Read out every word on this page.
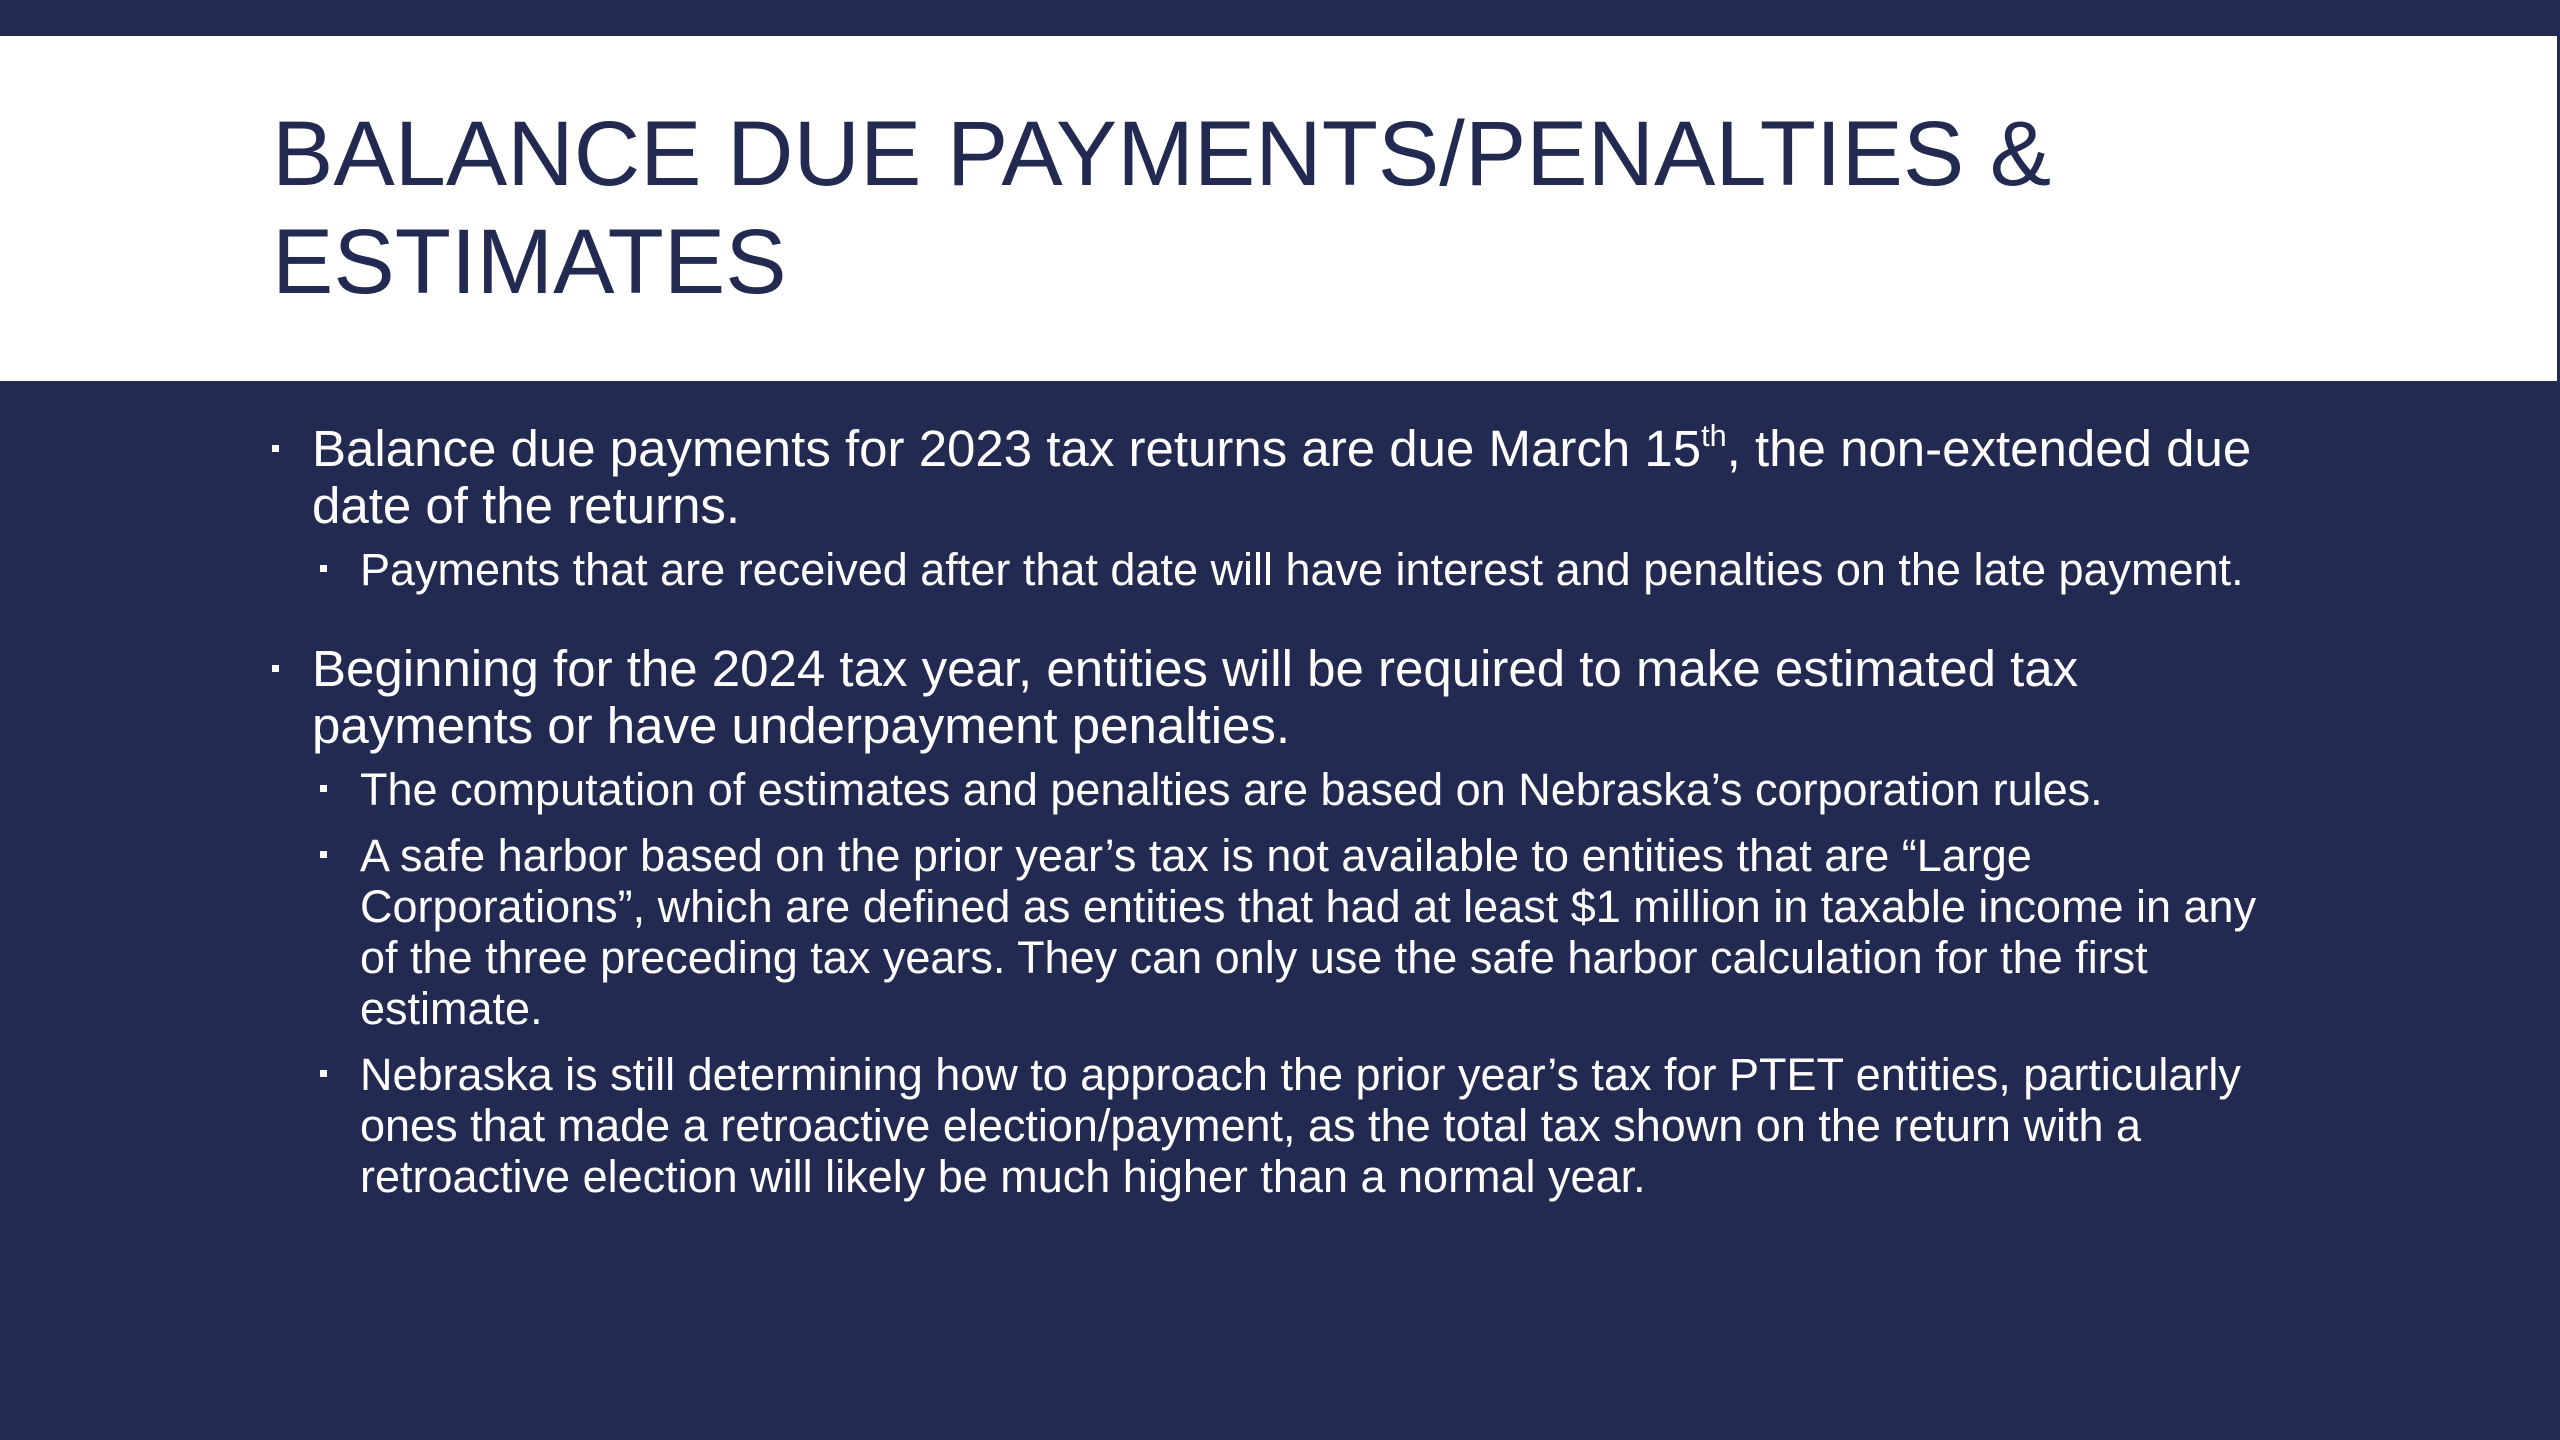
BALANCE DUE PAYMENTS/PENALTIES & ESTIMATES

Balance due payments for 2023 tax returns are due March 15th, the non-extended due date of the returns.

Payments that are received after that date will have interest and penalties on the late payment.

Beginning for the 2024 tax year, entities will be required to make estimated tax payments or have underpayment penalties.

The computation of estimates and penalties are based on Nebraska’s corporation rules.

A safe harbor based on the prior year’s tax is not available to entities that are “Large Corporations”, which are defined as entities that had at least $1 million in taxable income in any of the three preceding tax years. They can only use the safe harbor calculation for the first estimate.

Nebraska is still determining how to approach the prior year’s tax for PTET entities, particularly ones that made a retroactive election/payment, as the total tax shown on the return with a retroactive election will likely be much higher than a normal year.
